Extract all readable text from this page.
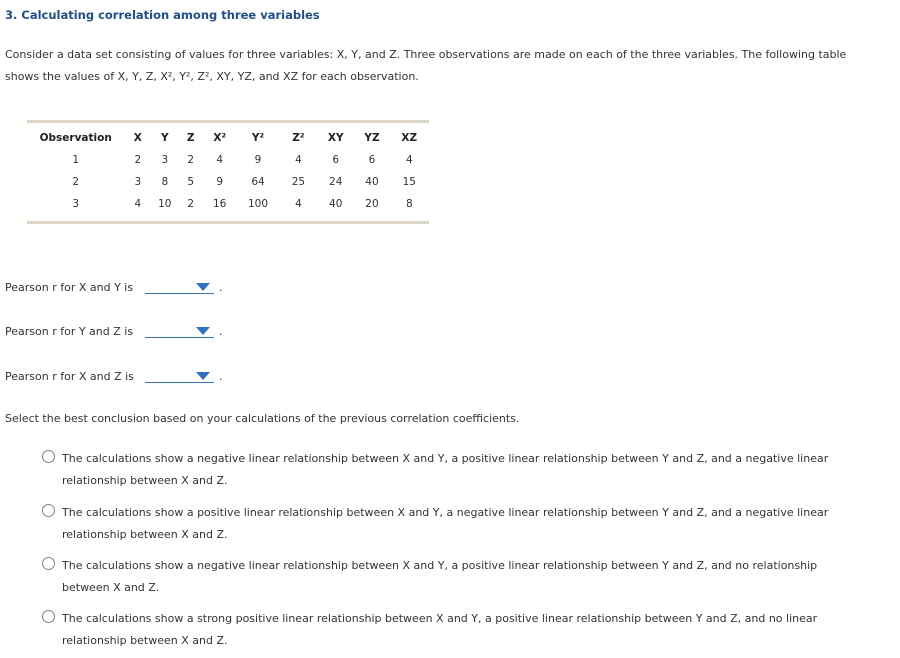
3. Calculating correlation among three variables
Consider a data set consisting of values for three variables: X, Y, and Z. Three observations are made on each of the three variables. The following table shows the values of X, Y, Z, X², Y², Z², XY, YZ, and XZ for each observation.
Observation	X	Y	Z	X²	Y²	Z²	XY	YZ	XZ
1	2	3	2	4	9	4	6	6	4
2	3	8	5	9	64	25	24	40	15
3	4	10	2	16	100	4	40	20	8
Pearson r for X and Y is	.
Pearson r for Y and Z is	.
Pearson r for X and Z is	.
Select the best conclusion based on your calculations of the previous correlation coefficients.
The calculations show a negative linear relationship between X and Y, a positive linear relationship between Y and Z, and a negative linear relationship between X and Z.
The calculations show a positive linear relationship between X and Y, a negative linear relationship between Y and Z, and a negative linear relationship between X and Z.
The calculations show a negative linear relationship between X and Y, a positive linear relationship between Y and Z, and no relationship between X and Z.
The calculations show a strong positive linear relationship between X and Y, a positive linear relationship between Y and Z, and no linear relationship between X and Z.
